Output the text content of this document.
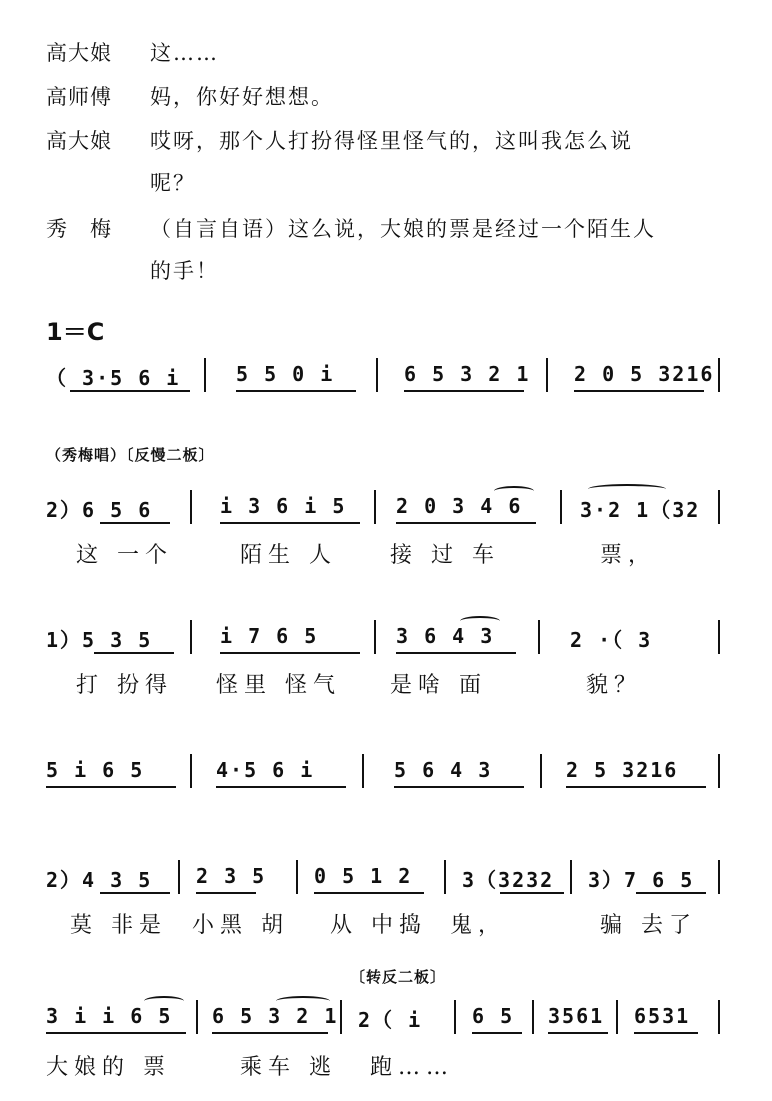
高大娘	这……
高师傅	妈，你好好想想。
高大娘	哎呀，那个人打扮得怪里怪气的，这叫我怎么说
呢？
秀　梅	（自言自语）这么说，大娘的票是经过一个陌生人
的手！
1＝C
（ 3·5 6 i	5 5 0 i	6 5 3 2 1 2 0 5 3216
（秀梅唱）〔反慢二板〕
2）6 5 6	i 3 6 i 5 2 0 3 4 6	3·2 1（32
这 一个	陌生 人 接 过 车	票，
1）5 3 5	i 7 6 5	3 6 4 3	2 ·（ 3
打 扮得 怪里 怪气 是啥 面	貌？
5 i 6 5	4·5 6 i	5 6 4 3	2 5 3216
2）4 3 5 2 3 5 0 5 1 2 3（3232 3）7 6 5
莫 非是 小黑 胡 从 中捣 鬼，	骗 去了
〔转反二板〕
3 i i 6 5 6 5 3 2 1 2（ i 6 5 3561 6531
大娘的 票	乘车 逃 跑……
